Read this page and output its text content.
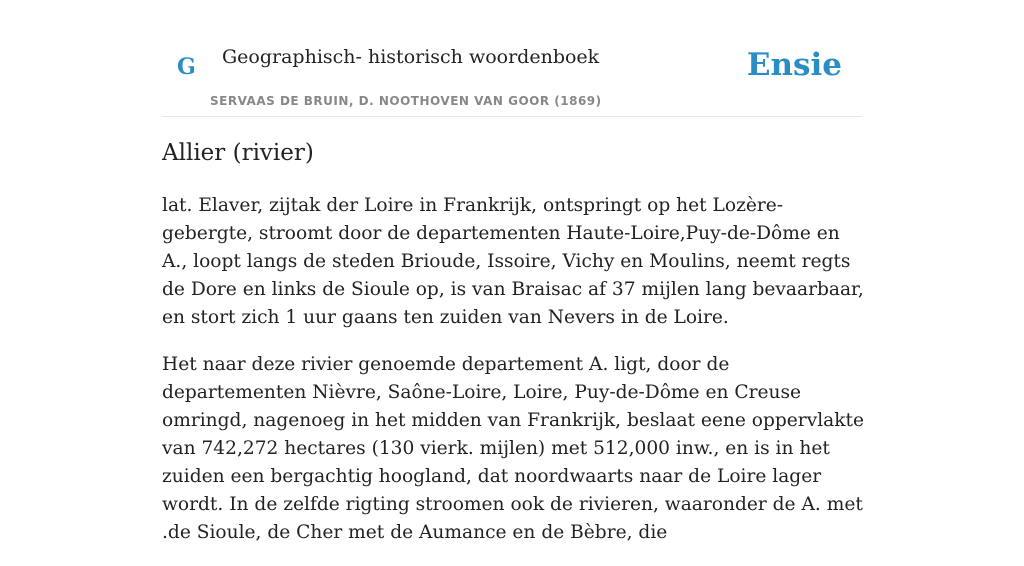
G Geographisch- historisch woordenboek
SERVAAS DE BRUIN, D. NOOTHOVEN VAN GOOR (1869)
Ensie
Allier (rivier)

lat. Elaver, zijtak der Loire in Frankrijk, ontspringt op het Lozère-gebergte, stroomt door de departementen Haute-Loire,Puy-de-Dôme en A., loopt langs de steden Brioude, Issoire, Vichy en Moulins, neemt regts de Dore en links de Sioule op, is van Braisac af 37 mijlen lang bevaarbaar, en stort zich 1 uur gaans ten zuiden van Nevers in de Loire.

Het naar deze rivier genoemde departement A. ligt, door de departementen Nièvre, Saône-Loire, Loire, Puy-de-Dôme en Creuse omringd, nagenoeg in het midden van Frankrijk, beslaat eene oppervlakte van 742,272 hectares (130 vierk. mijlen) met 512,000 inw., en is in het zuiden een bergachtig hoogland, dat noordwaarts naar de Loire lager wordt. In de zelfde rigting stroomen ook de rivieren, waaronder de A. met .de Sioule, de Cher met de Aumance en de Bèbre, die
